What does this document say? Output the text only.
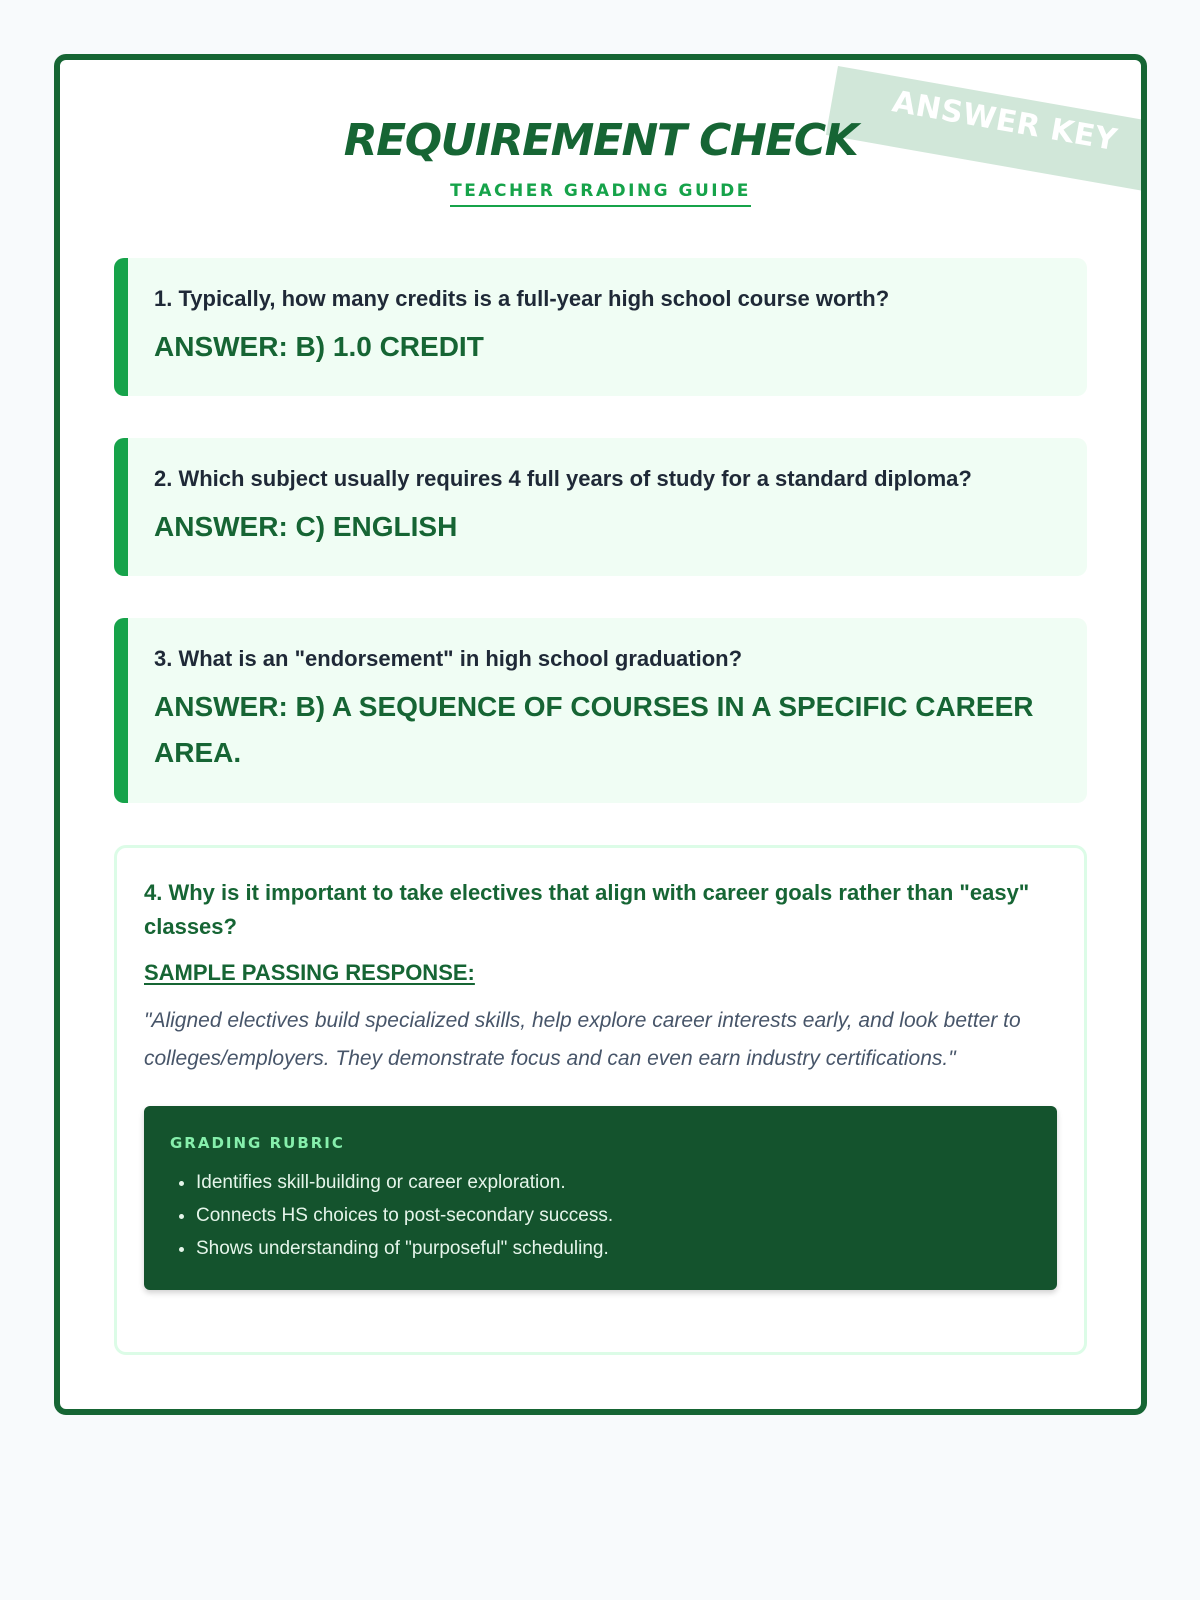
ANSWER KEY
REQUIREMENT CHECK
TEACHER GRADING GUIDE
1. Typically, how many credits is a full-year high school course worth?
ANSWER: B) 1.0 CREDIT
2. Which subject usually requires 4 full years of study for a standard diploma?
ANSWER: C) ENGLISH
3. What is an "endorsement" in high school graduation?
ANSWER: B) A SEQUENCE OF COURSES IN A SPECIFIC CAREER AREA.
4. Why is it important to take electives that align with career goals rather than "easy" classes?
SAMPLE PASSING RESPONSE:
"Aligned electives build specialized skills, help explore career interests early, and look better to colleges/employers. They demonstrate focus and can even earn industry certifications."
GRADING RUBRIC
• Identifies skill-building or career exploration.
• Connects HS choices to post-secondary success.
• Shows understanding of "purposeful" scheduling.
